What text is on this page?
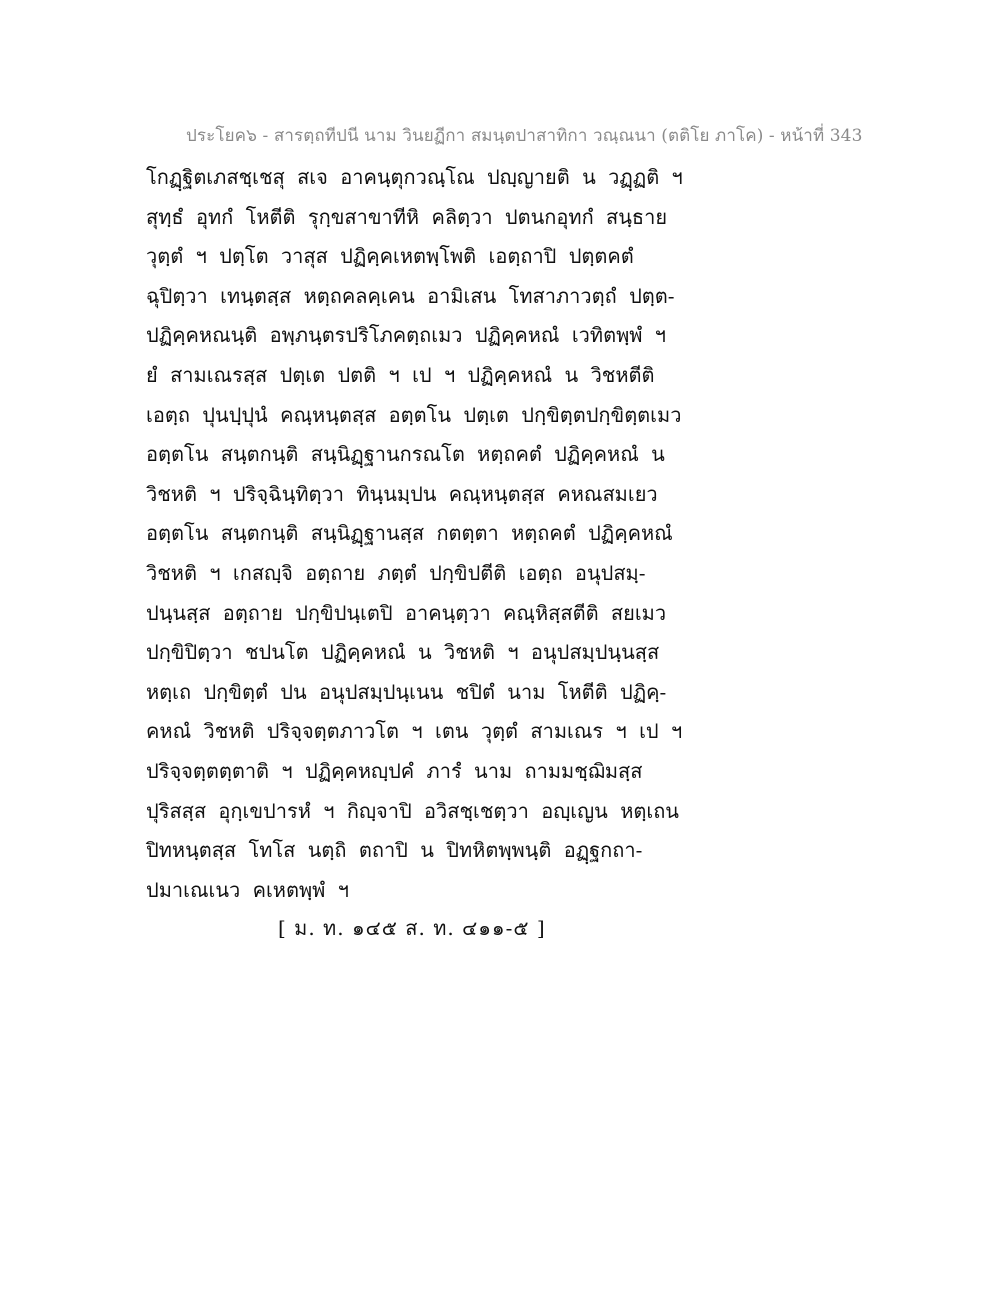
ประโยค๖ - สารตฺถทีปนี นาม วินยฏีกา สมนฺตปาสาทิกา วณฺณนา (ตติโย ภาโค) - หน้าที่ 343
โกฏฺฐิตเภสชฺเชสุ สเจ อาคนฺตุกวณฺโณ ปญฺญายติ น วฏฺฏติ ฯ
สุทฺธํ อุทกํ โหตีติ รุกฺขสาขาทีหิ คลิตฺวา ปตนกอุทกํ สนฺธาย
วุตฺตํ ฯ ปตฺโต วาสุส ปฏิคฺคเหตพฺโพติ เอตฺถาปิ ปตฺตคตํ
ฉุปิตฺวา เทนฺตสฺส หตฺถคลคฺเคน อามิเสน โทสาภาวตฺถํ ปตฺต-
ปฏิคฺคหณนฺติ อพฺภนฺตรปริโภคตฺถเมว ปฏิคฺคหณํ เวทิตพฺพํ ฯ
ยํ สามเณรสฺส ปตฺเต ปตติ ฯ เป ฯ ปฏิคฺคหณํ น วิชหตีติ
เอตฺถ ปุนปฺปุนํ คณฺหนฺตสฺส อตฺตโน ปตฺเต ปกฺขิตฺตปกฺขิตฺตเมว
อตฺตโน สนฺตกนฺติ สนฺนิฏฺฐานกรณโต หตฺถคตํ ปฏิคฺคหณํ น
วิชหติ ฯ ปริจฺฉินฺทิตฺวา ทินฺนมฺปน คณฺหนฺตสฺส คหณสมเยว
อตฺตโน สนฺตกนฺติ สนฺนิฏฺฐานสฺส กตตฺตา หตฺถคตํ ปฏิคฺคหณํ
วิชหติ ฯ เกสญฺจิ อตฺถาย ภตฺตํ ปกฺขิปตีติ เอตฺถ อนุปสมฺ-
ปนฺนสฺส อตฺถาย ปกฺขิปนฺเตปิ อาคนฺตฺวา คณฺหิสฺสตีติ สยเมว
ปกฺขิปิตฺวา ชปนโต ปฏิคฺคหณํ น วิชหติ ฯ อนุปสมฺปนฺนสฺส
หตฺเถ ปกฺขิตฺตํ ปน อนุปสมฺปนฺเนน ชปิตํ นาม โหตีติ ปฏิคฺ-
คหณํ วิชหติ ปริจฺจตฺตภาวโต ฯ เตน วุตฺตํ สามเณร ฯ เป ฯ
ปริจฺจตฺตตฺตาติ ฯ ปฏิคฺคหญฺปคํ ภารํ นาม ถามมชฺฌิมสฺส
ปุริสสฺส อุกฺเขปารหํ ฯ กิญฺจาปิ อวิสชฺเชตฺวา อญฺเญน หตฺเถน
ปิทหนฺตสฺส โทโส นตฺถิ ตถาปิ น ปิทหิตพฺพนฺติ อฏฺฐกถา-
ปมาเณเนว คเหตพฺพํ ฯ
[ ม. ท. ๑๔๕ ส. ท. ๔๑๑-๕ ]
